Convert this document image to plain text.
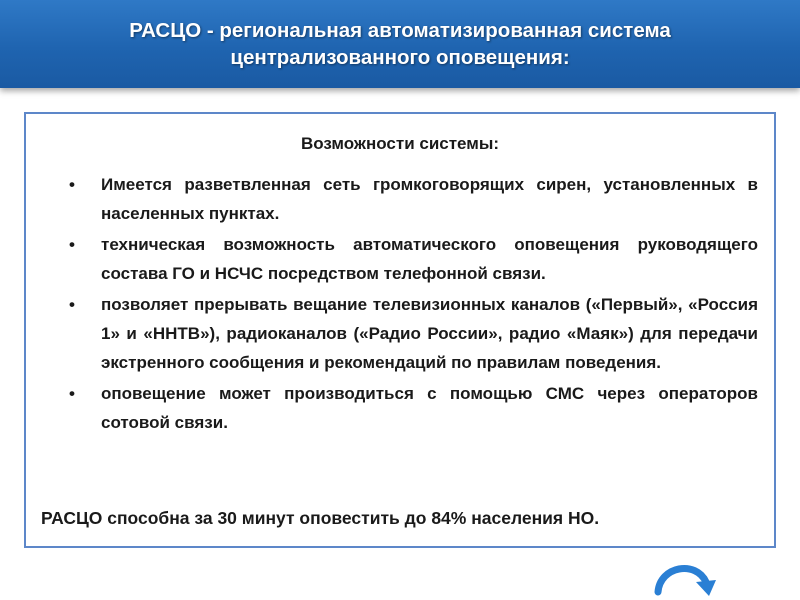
РАСЦО - региональная автоматизированная система централизованного оповещения:
Возможности системы:
• Имеется разветвленная сеть громкоговорящих сирен, установленных в населенных пунктах.
• техническая возможность автоматического оповещения руководящего состава ГО и НСЧС посредством телефонной связи.
• позволяет прерывать вещание телевизионных каналов («Первый», «Россия 1» и «ННТВ»), радиоканалов («Радио России», радио «Маяк») для передачи экстренного сообщения и рекомендаций по правилам поведения.
• оповещение может производиться с помощью СМС через операторов сотовой связи.
РАСЦО способна за 30 минут оповестить до 84% населения НО.
